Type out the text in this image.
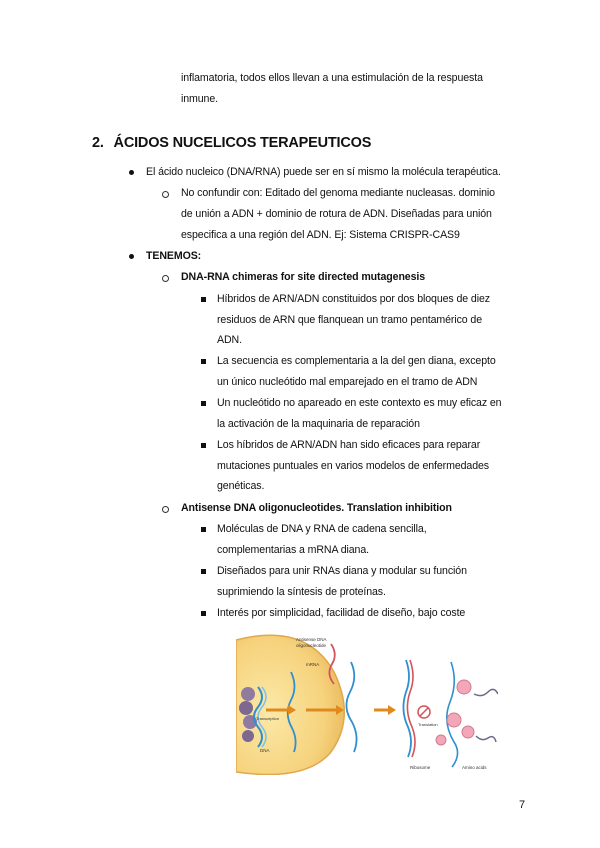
inflamatoria, todos ellos llevan a una estimulación de la respuesta
inmune.
2. ÁCIDOS NUCELICOS TERAPEUTICOS
El ácido nucleico (DNA/RNA) puede ser en sí mismo la molécula terapéutica.
No confundir con: Editado del genoma mediante nucleasas. dominio
de unión a ADN + dominio de rotura de ADN. Diseñadas para unión
especifica a una región del ADN. Ej: Sistema CRISPR-CAS9
TENEMOS:
DNA-RNA chimeras for site directed mutagenesis
Híbridos de ARN/ADN constituidos por dos bloques de diez
residuos de ARN que flanquean un tramo pentamérico de
ADN.
La secuencia es complementaria a la del gen diana, excepto
un único nucleótido mal emparejado en el tramo de ADN
Un nucleótido no apareado en este contexto es muy eficaz en
la activación de la maquinaria de reparación
Los híbridos de ARN/ADN han sido eficaces para reparar
mutaciones puntuales en varios modelos de enfermedades
genéticas.
Antisense DNA oligonucleotides. Translation inhibition
Moléculas de DNA y RNA de cadena sencilla,
complementarias a mRNA diana.
Diseñados para unir RNAs diana y modular su función
suprimiendo la síntesis de proteínas.
Interés por simplicidad, facilidad de diseño, bajo coste
Antisense DNA
oligonucleotide
mRNA
Transcription
DNA
Translation
Ribosome	Amino acids
7
